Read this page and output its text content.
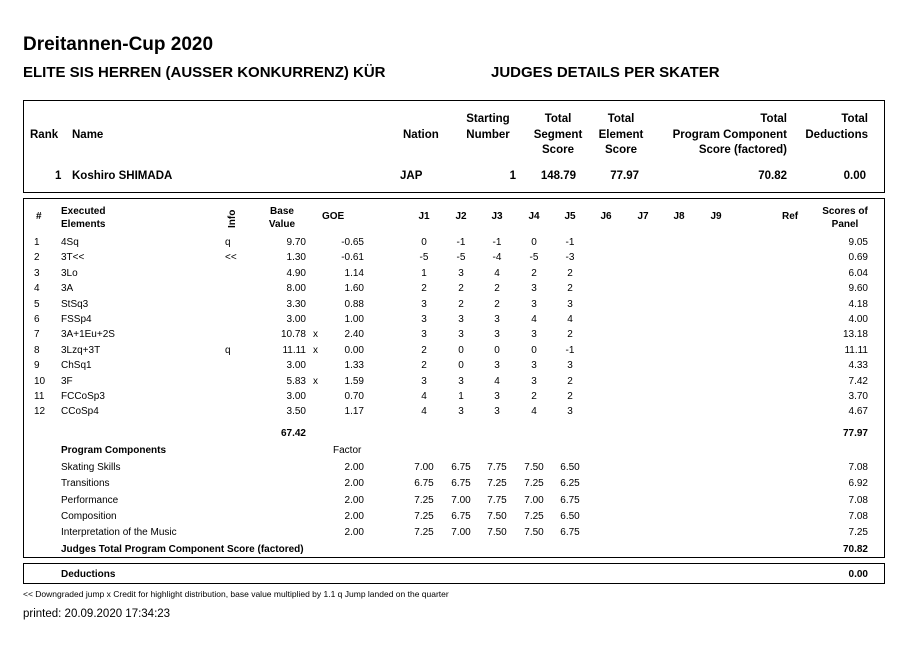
Dreitannen-Cup 2020
ELITE SIS HERREN (AUSSER KONKURRENZ) KÜR	JUDGES DETAILS PER SKATER
Rank Name	Nation
Starting
Number
Total
Segment
Score
Total
Element
Score
Total
Program Component
Score (factored)
Total
Deductions
1 Koshiro SHIMADA	JAP	1	148.79	77.97	70.82	0.00
# Executed
Elements	Info	Base
Value
GOE	J1	J2	J3	J4	J5	J6	J7	J8	J9	Ref	Scores of
Panel
1 4Sq	q	9.70	-0.65	0	-1	-1	0	-1	9.05
2 3T<<	<<	1.30	-0.61	-5	-5	-4	-5	-3	0.69
3 3Lo	4.90	1.14	1	3	4	2	2	6.04
4 3A	8.00	1.60	2	2	2	3	2	9.60
5 StSq3	3.30	0.88	3	2	2	3	3	4.18
6 FSSp4	3.00	1.00	3	3	3	4	4	4.00
7 3A+1Eu+2S	10.78 x	2.40	3	3	3	3	2	13.18
8 3Lzq+3T	q	11.11 x	0.00	2	0	0	0	-1	11.11
9 ChSq1	3.00	1.33	2	0	3	3	3	4.33
10 3F	5.83 x	1.59	3	3	4	3	2	7.42
11 FCCoSp3	3.00	0.70	4	1	3	2	2	3.70
12 CCoSp4	3.50	1.17	4	3	3	4	3	4.67
67.42	77.97
Program Components	Factor
Skating Skills	2.00	7.00	6.75	7.75	7.50	6.50	7.08
Transitions	2.00	6.75	6.75	7.25	7.25	6.25	6.92
Performance	2.00	7.25	7.00	7.75	7.00	6.75	7.08
Composition	2.00	7.25	6.75	7.50	7.25	6.50	7.08
Interpretation of the Music	2.00	7.25	7.00	7.50	7.50	6.75	7.25
Judges Total Program Component Score (factored)	70.82
Deductions	0.00
<< Downgraded jump x Credit for highlight distribution, base value multiplied by 1.1 q Jump landed on the quarter
printed: 20.09.2020 17:34:23
